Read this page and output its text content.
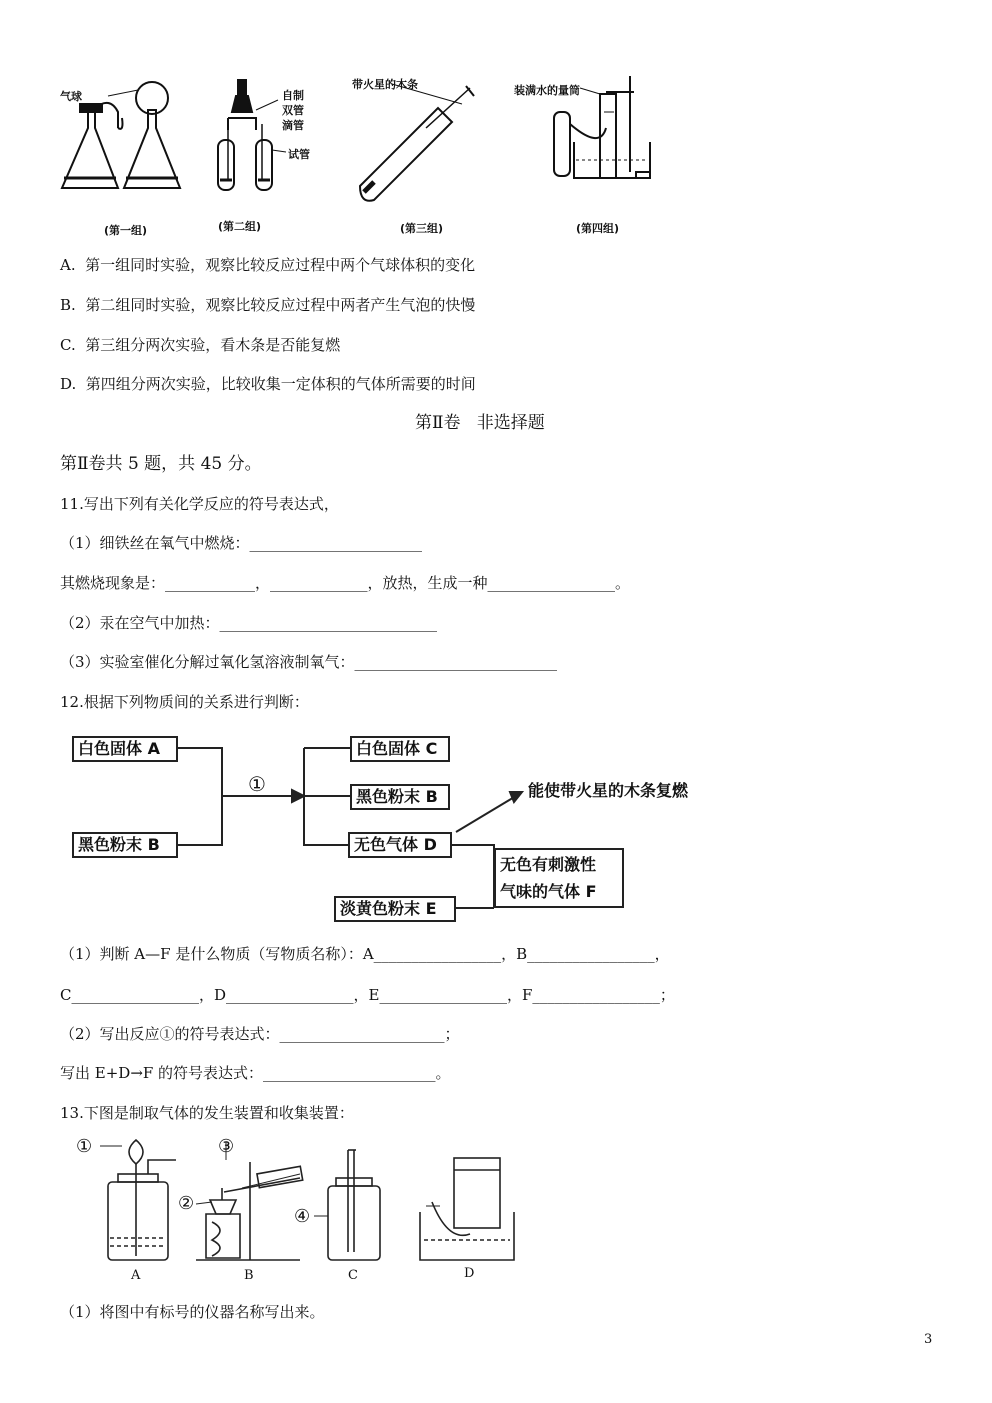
气球	自制
双管
滴管
试管
带火星的木条	装满水的量筒
(第一组)	(第二组)	(第三组)	(第四组)
A.  第一组同时实验，观察比较反应过程中两个气球体积的变化
B.  第二组同时实验，观察比较反应过程中两者产生气泡的快慢
C.  第三组分两次实验，看木条是否能复燃
D.  第四组分两次实验，比较收集一定体积的气体所需要的时间
第Ⅱ卷   非选择题
第Ⅱ卷共 5 题，共 45 分。
11.写出下列有关化学反应的符号表达式，
（1）细铁丝在氧气中燃烧：_______________________
其燃烧现象是：____________，_____________，放热，生成一种_________________。
（2）汞在空气中加热：_____________________________
（3）实验室催化分解过氧化氢溶液制氧气：___________________________
12.根据下列物质间的关系进行判断：
白色固体 A
黑色粉末 B
①
白色固体 C
黑色粉末 B
无色气体 D
淡黄色粉末 E
无色有刺激性
气味的气体 F
能使带火星的木条复燃
（1）判断 A—F 是什么物质（写物质名称）：A_________________，B_________________，
C_________________，D_________________，E_________________，F_________________；
（2）写出反应①的符号表达式：______________________；
写出 E+D→F 的符号表达式：_______________________。
13.下图是制取气体的发生装置和收集装置：
①
②
③
④
A	B	C	D
（1）将图中有标号的仪器名称写出来。
3
